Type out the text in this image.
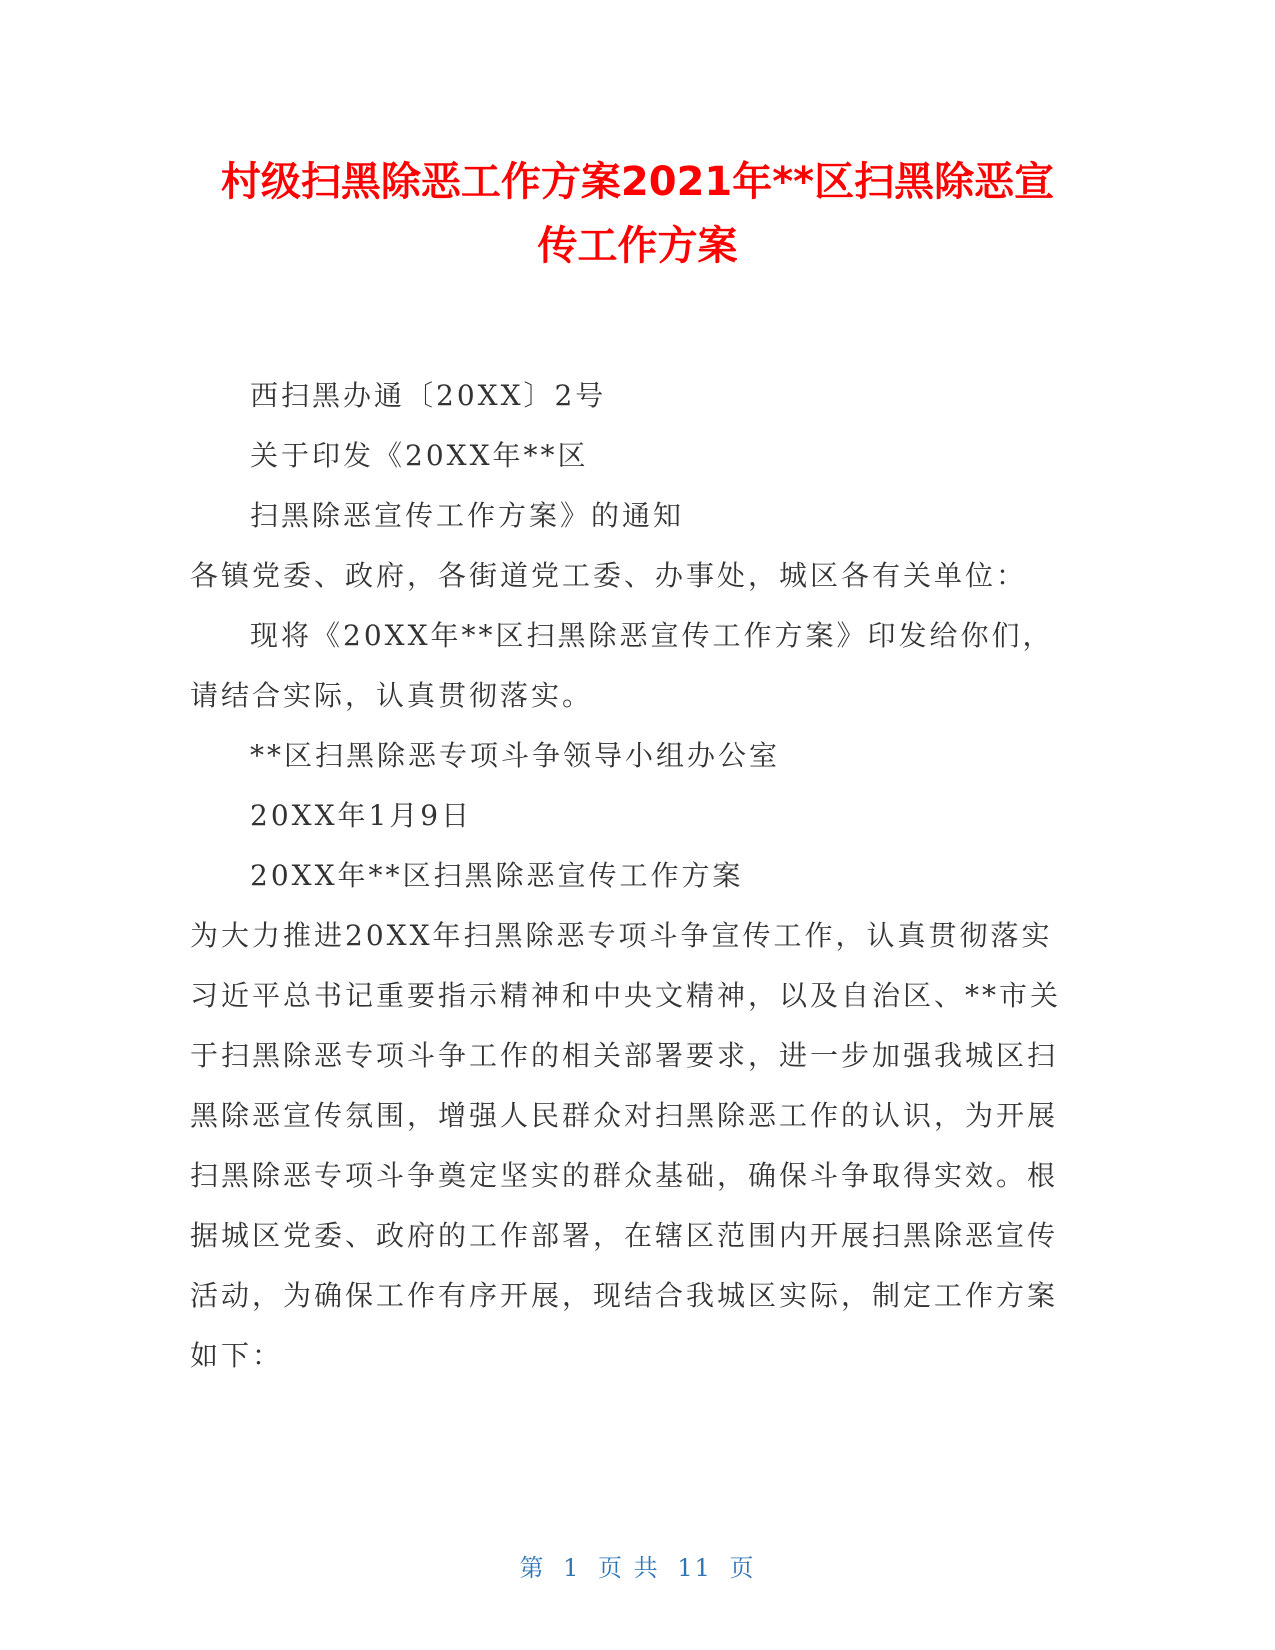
村级扫黑除恶工作方案2021年**区扫黑除恶宣
传工作方案

西扫黑办通〔20XX〕2号

关于印发《20XX年**区

扫黑除恶宣传工作方案》的通知

各镇党委、政府，各街道党工委、办事处，城区各有关单位：

现将《20XX年**区扫黑除恶宣传工作方案》印发给你们，请结合实际，认真贯彻落实。

**区扫黑除恶专项斗争领导小组办公室

20XX年1月9日

20XX年**区扫黑除恶宣传工作方案

为大力推进20XX年扫黑除恶专项斗争宣传工作，认真贯彻落实习近平总书记重要指示精神和中央文精神，以及自治区、**市关于扫黑除恶专项斗争工作的相关部署要求，进一步加强我城区扫黑除恶宣传氛围，增强人民群众对扫黑除恶工作的认识，为开展扫黑除恶专项斗争奠定坚实的群众基础，确保斗争取得实效。根据城区党委、政府的工作部署，在辖区范围内开展扫黑除恶宣传活动，为确保工作有序开展，现结合我城区实际，制定工作方案如下：

第 1 页 共 11 页
